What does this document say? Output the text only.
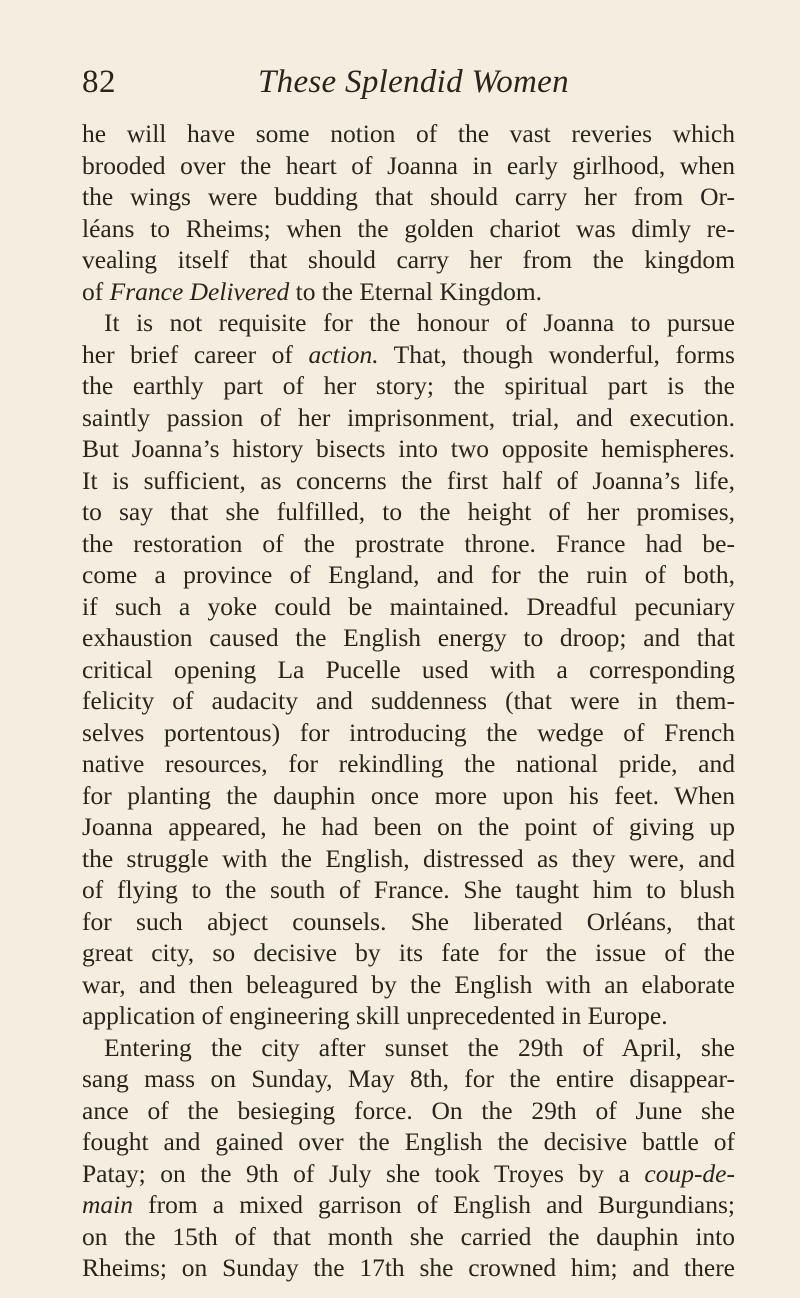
82	These Splendid Women
he will have some notion of the vast reveries which
brooded over the heart of Joanna in early girlhood, when
the wings were budding that should carry her from Or-
léans to Rheims; when the golden chariot was dimly re-
vealing itself that should carry her from the kingdom
of France Delivered to the Eternal Kingdom.
It is not requisite for the honour of Joanna to pursue
her brief career of action. That, though wonderful, forms
the earthly part of her story; the spiritual part is the
saintly passion of her imprisonment, trial, and execution.
But Joanna’s history bisects into two opposite hemispheres.
It is sufficient, as concerns the first half of Joanna’s life,
to say that she fulfilled, to the height of her promises,
the restoration of the prostrate throne. France had be-
come a province of England, and for the ruin of both,
if such a yoke could be maintained. Dreadful pecuniary
exhaustion caused the English energy to droop; and that
critical opening La Pucelle used with a corresponding
felicity of audacity and suddenness (that were in them-
selves portentous) for introducing the wedge of French
native resources, for rekindling the national pride, and
for planting the dauphin once more upon his feet. When
Joanna appeared, he had been on the point of giving up
the struggle with the English, distressed as they were, and
of flying to the south of France. She taught him to blush
for such abject counsels. She liberated Orléans, that
great city, so decisive by its fate for the issue of the
war, and then beleagured by the English with an elaborate
application of engineering skill unprecedented in Europe.
Entering the city after sunset the 29th of April, she
sang mass on Sunday, May 8th, for the entire disappear-
ance of the besieging force. On the 29th of June she
fought and gained over the English the decisive battle of
Patay; on the 9th of July she took Troyes by a coup-de-
main from a mixed garrison of English and Burgundians;
on the 15th of that month she carried the dauphin into
Rheims; on Sunday the 17th she crowned him; and there
